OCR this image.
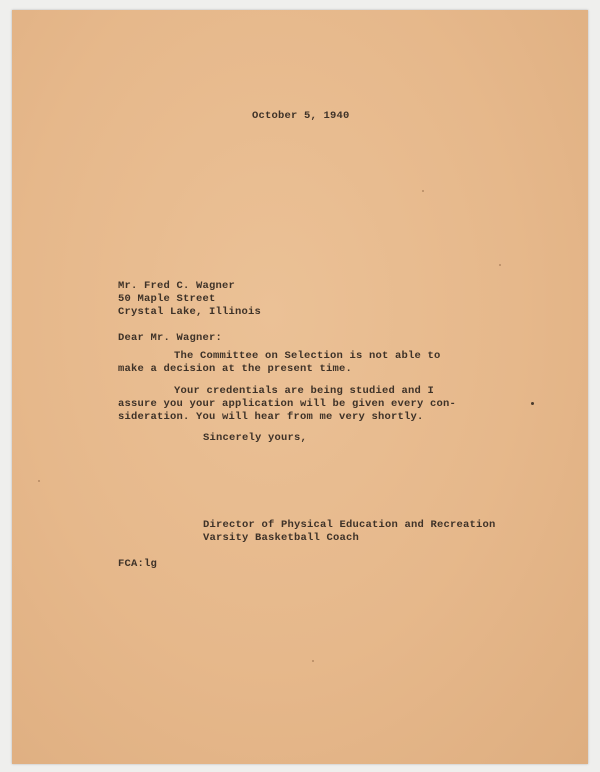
October 5, 1940
Mr. Fred C. Wagner
50 Maple Street
Crystal Lake, Illinois
Dear Mr. Wagner:
The Committee on Selection is not able to
make a decision at the present time.
Your credentials are being studied and I
assure you your application will be given every con-
sideration. You will hear from me very shortly.
Sincerely yours,
Director of Physical Education and Recreation
Varsity Basketball Coach
FCA:lg
